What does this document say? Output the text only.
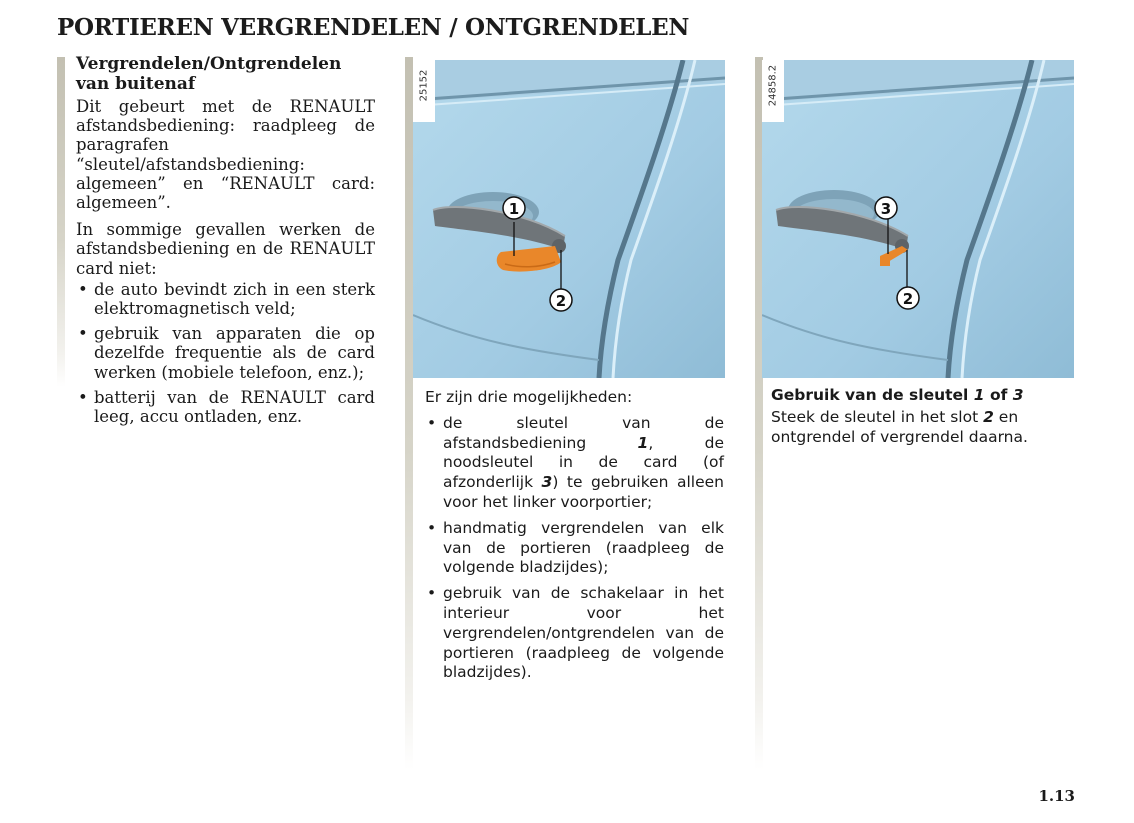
PORTIEREN VERGRENDELEN / ONTGRENDELEN
Vergrendelen/Ontgrendelen van buitenaf

Dit gebeurt met de RENAULT afstandsbediening: raadpleeg de paragrafen “sleutel/afstandsbediening: algemeen” en “RENAULT card: algemeen”.

In sommige gevallen werken de afstandsbediening en de RENAULT card niet:

• de auto bevindt zich in een sterk elektromagnetisch veld;
• gebruik van apparaten die op dezelfde frequentie als de card werken (mobiele telefoon, enz.);
• batterij van de RENAULT card leeg, accu ontladen, enz.
1
2
25152

Er zijn drie mogelijkheden:

• de sleutel van de afstandsbediening 1, de noodsleutel in de card (of afzonderlijk 3) te gebruiken alleen voor het linker voorportier;
• handmatig vergrendelen van elk van de portieren (raadpleeg de volgende bladzijdes);
• gebruik van de schakelaar in het interieur voor het vergrendelen/ontgrendelen van de portieren (raadpleeg de volgende bladzijdes).
3
2
24858.2
Gebruik van de sleutel 1 of 3

Steek de sleutel in het slot 2 en ontgrendel of vergrendel daarna.

1.13
